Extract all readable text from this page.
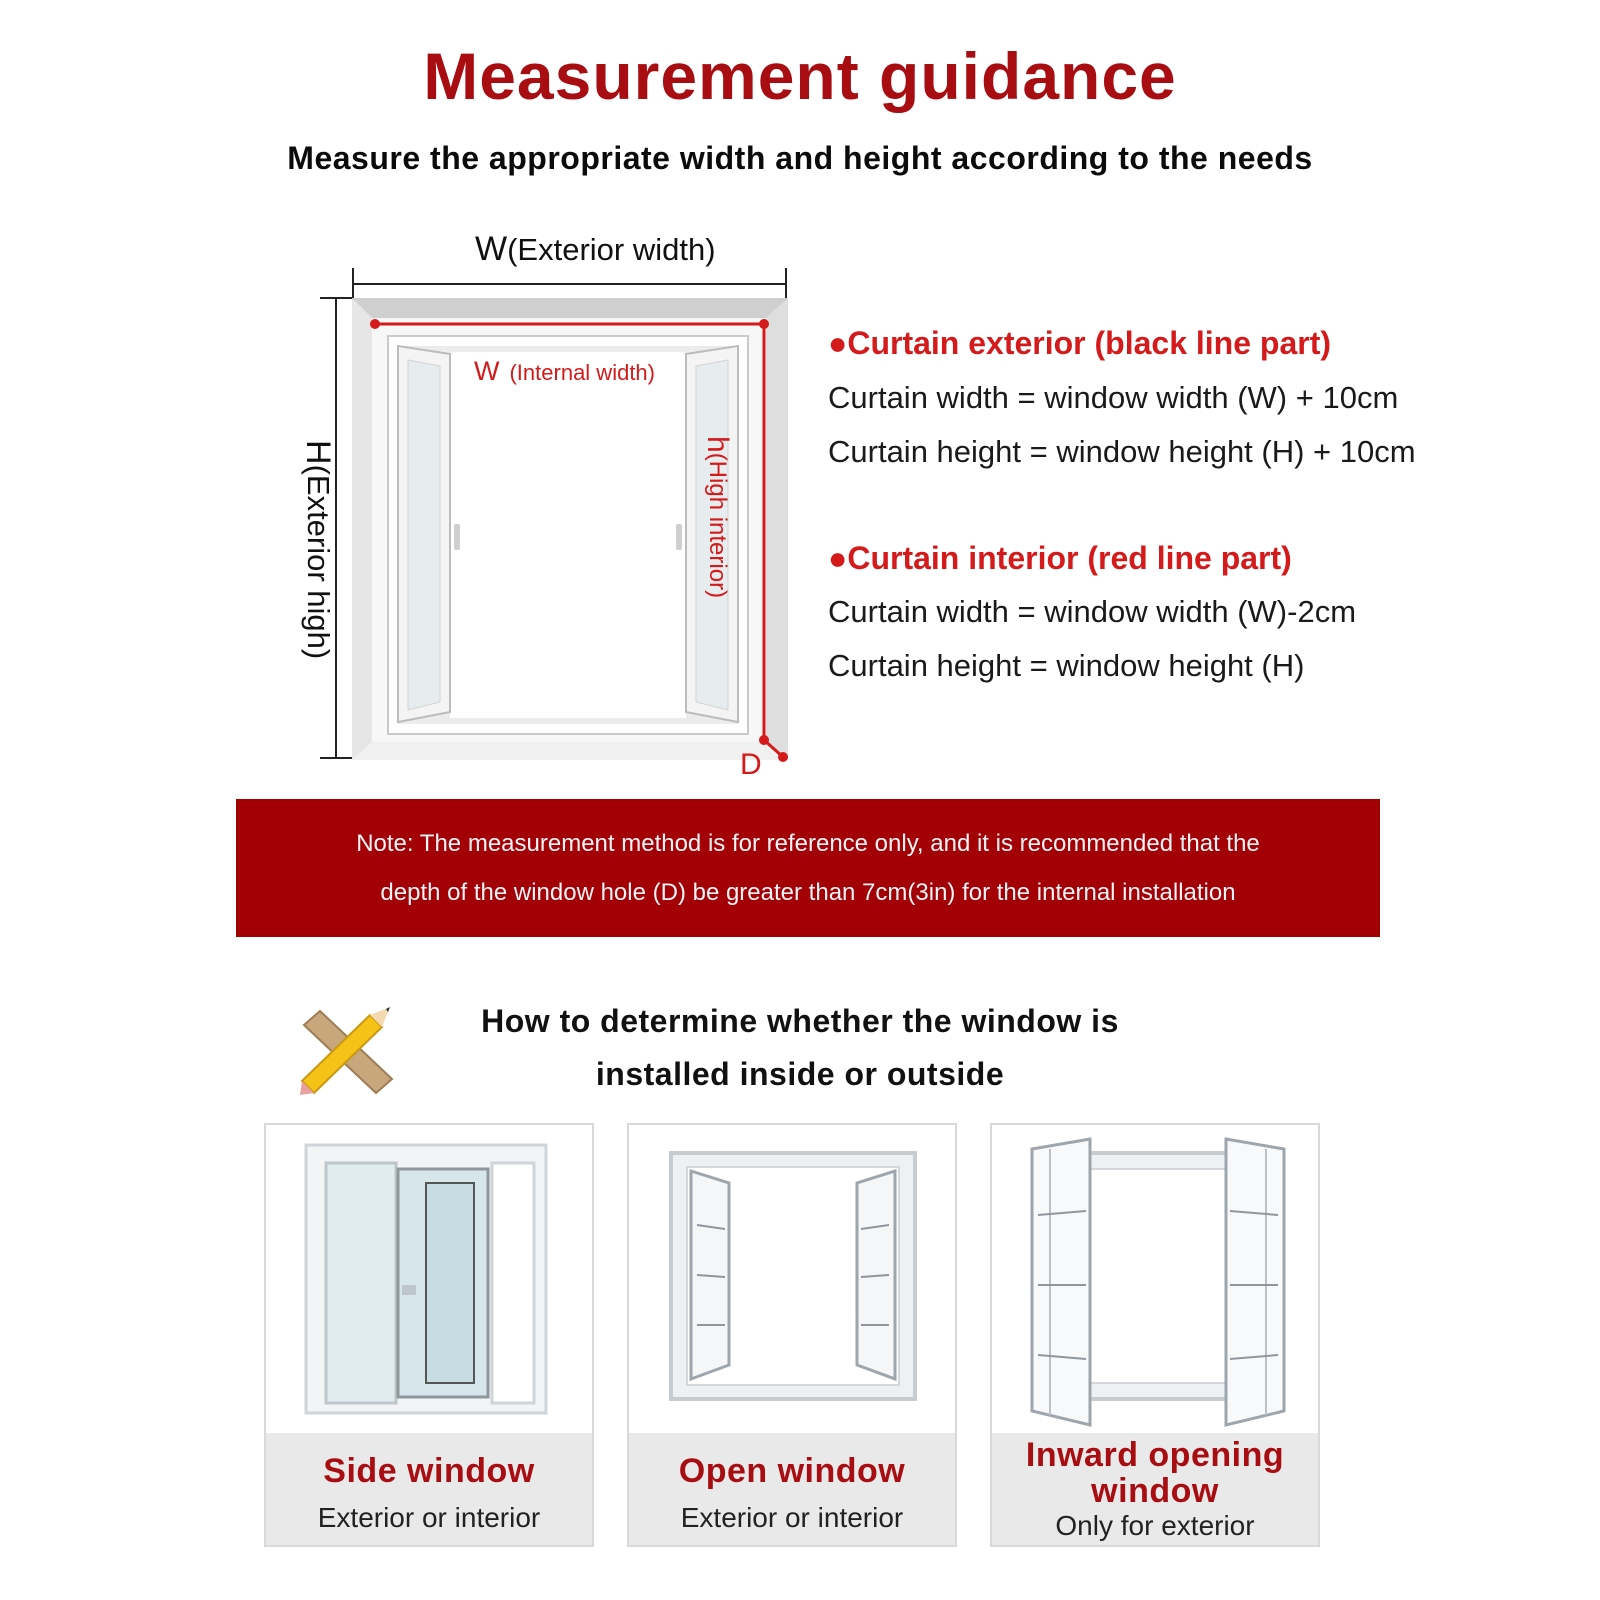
Measurement guidance
Measure the appropriate width and height according to the needs
W(Exterior width)
W (Internal width)
H(Exterior high)
h(High interior)
D
●Curtain exterior (black line part)
Curtain width = window width (W) + 10cm
Curtain height = window height (H) + 10cm
●Curtain interior (red line part)
Curtain width = window width (W)-2cm
Curtain height = window height (H)
Note: The measurement method is for reference only, and it is recommended that the
depth of the window hole (D) be greater than 7cm(3in) for the internal installation
How to determine whether the window is
installed inside or outside
Side window
Exterior or interior
Open window
Exterior or interior
Inward opening
window
Only for exterior
